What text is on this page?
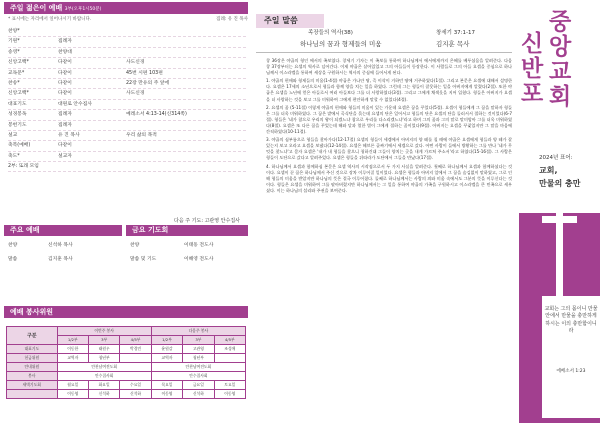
주일 젊은이 예배 3부(오후1시50분)
* 표시에는 자리에서 일어나시기 바랍니다.	집례: 유 진 목사
찬양*
기원*	집례자
송영*	찬양대
신앙고백*	다같이	사도신경
교독문*	다같이	45번 시편 103편
찬송*	다같이	22장 만유의 주 앞에
신앙고백*	다같이	사도신경
대표기도	대원로 안수집사
성경봉독	집례자	예레소서 4:13-14(신314쪽)
봉헌기도	집례자
설교	유 진 목사	우리 삶의 목적
축복(예배)	다같이
축도*	설교자
2부: 또래 모임
다음 주 기도: 고관영 안수집사
주요 예배	금요 기도회
찬양	신석하 목사
말씀	김지훈 목사
찬양	이태동 전도사
말씀 및 기도	이해영 전도사
예배 봉사위원
구분	이번주 봉사			다음주 봉사		
	1/2부	3부	4/5부	1/2부	3부	4/5부
대표기도	이동한	태원우	박경민	윤원감	고관영	조성애
헌금위원	교역자	청년부		교역자	청년부	
안내위원	안찬남여전도회			안찬남여전도회		
봉사	안수집사회			안수집사회		
새벽기도회	월요일	화요일	수요일	목요일	금요일	토요일
	이동영	신석하	신석하	이동영	신석하	이동영
주일 말씀
족장들의 역사(38)	창세기 37:1-17
하나님의 꿈과 형제들의 미움	김지훈 목사

창 36장은 야곱의 형인 에서의 족보였다. 창세기 기자는 이 족보를 통하여 하나님께서 에서에게까지 은혜를 베푸셨음을 알려준다. 다음 창 37장부터는 요셉의 역사로 넘어간다. 이제 야곱은 살아있었고 그의 아들들이 등장한다. 이 사람들로 그의 아들 요셉을 중심으로 하나님께서 이스라엘을 통하여 세상을 구원하시는 역사의 중심에 들어서게 된다.

1. 야곱의 편애와 형제들의 미움(1-4절) 야곱은 가나안 땅, 즉 이삭이 거하던 땅에 거주하였다(1절). 그리고 본문은 요셉에 대해서 설명한다. 요셉은 17세의 소년으로서 형들과 함께 양을 치는 일을 하였다. 그런데 그는 형들이 잘못하는 일을 아버지에게 알렸다(2절). 또한 야곱은 요셉을 노년에 얻은 아들로서 여러 아들보다 그를 더 사랑하였다(3절). 그리고 그에게 채색옷을 지어 입혔다. 형들은 아버지가 요셉을 더 사랑하는 것을 보고 그를 미워하여 그에게 편안하게 말할 수 없었다(4절).

2. 요셉의 꿈 (5-11절) 이렇게 야곱의 편애와 형들의 미움이 있는 가운데 요셉은 꿈을 꾸었다(5절). 요셉이 형들에게 그 꿈을 말하자 형들은 그를 더욱 미워하였다. 그 꿈은 밭에서 곡식단을 묶는데 요셉의 단은 일어서고 형들의 단은 요셉의 단을 둘러서서 절하는 것이었다(6-7절). 형들은 '네가 참으로 우리의 왕이 되겠느냐 참으로 우리를 다스리겠느냐'라고 하며 그의 꿈과 그의 말로 말미암아 그를 더욱 미워하였다(8절). 요셉은 또 다른 꿈을 꾸었는데 해와 달과 열한 별이 그에게 절하는 꿈이었다(9절). 아버지는 요셉을 꾸짖었지만 그 말을 마음에 간직하였다(10-11절).

3. 야곱의 심부름으로 형들을 찾아가다(12-17절) 요셉의 형들이 세겜에서 아버지의 양 떼를 칠 때에 야곱은 요셉에게 형들과 양 떼가 잘 있는지 보고 오라고 요셉을 보냈다(12-14절). 요셉은 헤브론 골짜기에서 세겜으로 갔다. 어떤 사람이 들에서 방황하는 그를 만나 '네가 무엇을 찾느냐'고 묻자 요셉은 '내가 내 형들을 찾으니 청하건대 그들이 양치는 곳을 내게 가르쳐 주소서'라고 하였다(15-16절). 그 사람은 형들이 도단으로 갔다고 알려주었다. 요셉은 형들을 뒤따라가 도단에서 그들을 만났다(17절).

4. 하나님께서 요셉과 함께하심 본문은 요셉 역사의 시작점으로서 두 가지 사실을 알려준다. 첫째로 하나님께서 요셉과 함께하셨다는 것이다. 요셉이 꾼 꿈은 하나님께서 주신 것으로 장차 이루어질 일이었다. 요셉은 형들과 아버지 앞에서 그 꿈을 숨김없이 말하였고, 그로 인해 형들의 미움을 받았지만 하나님의 뜻은 결국 이루어졌다. 둘째로 하나님께서는 사람의 죄와 미움 속에서도 그분의 뜻을 이루신다는 것이다. 형들은 요셉을 미워하여 그를 팔아버렸지만 하나님께서는 그 일을 통하여 야곱의 가족을 구원하시고 이스라엘을 큰 민족으로 세우셨다. 이는 하나님의 섭리와 주권을 보여준다.

신
반
포
중
앙
교
회
2024년 표어:
교회,
만물의 충만
교회는 그의 몸이니 만물 안에서 만물을 충만하게 하시는 이의 충만함이니라
에베소서 1:23
